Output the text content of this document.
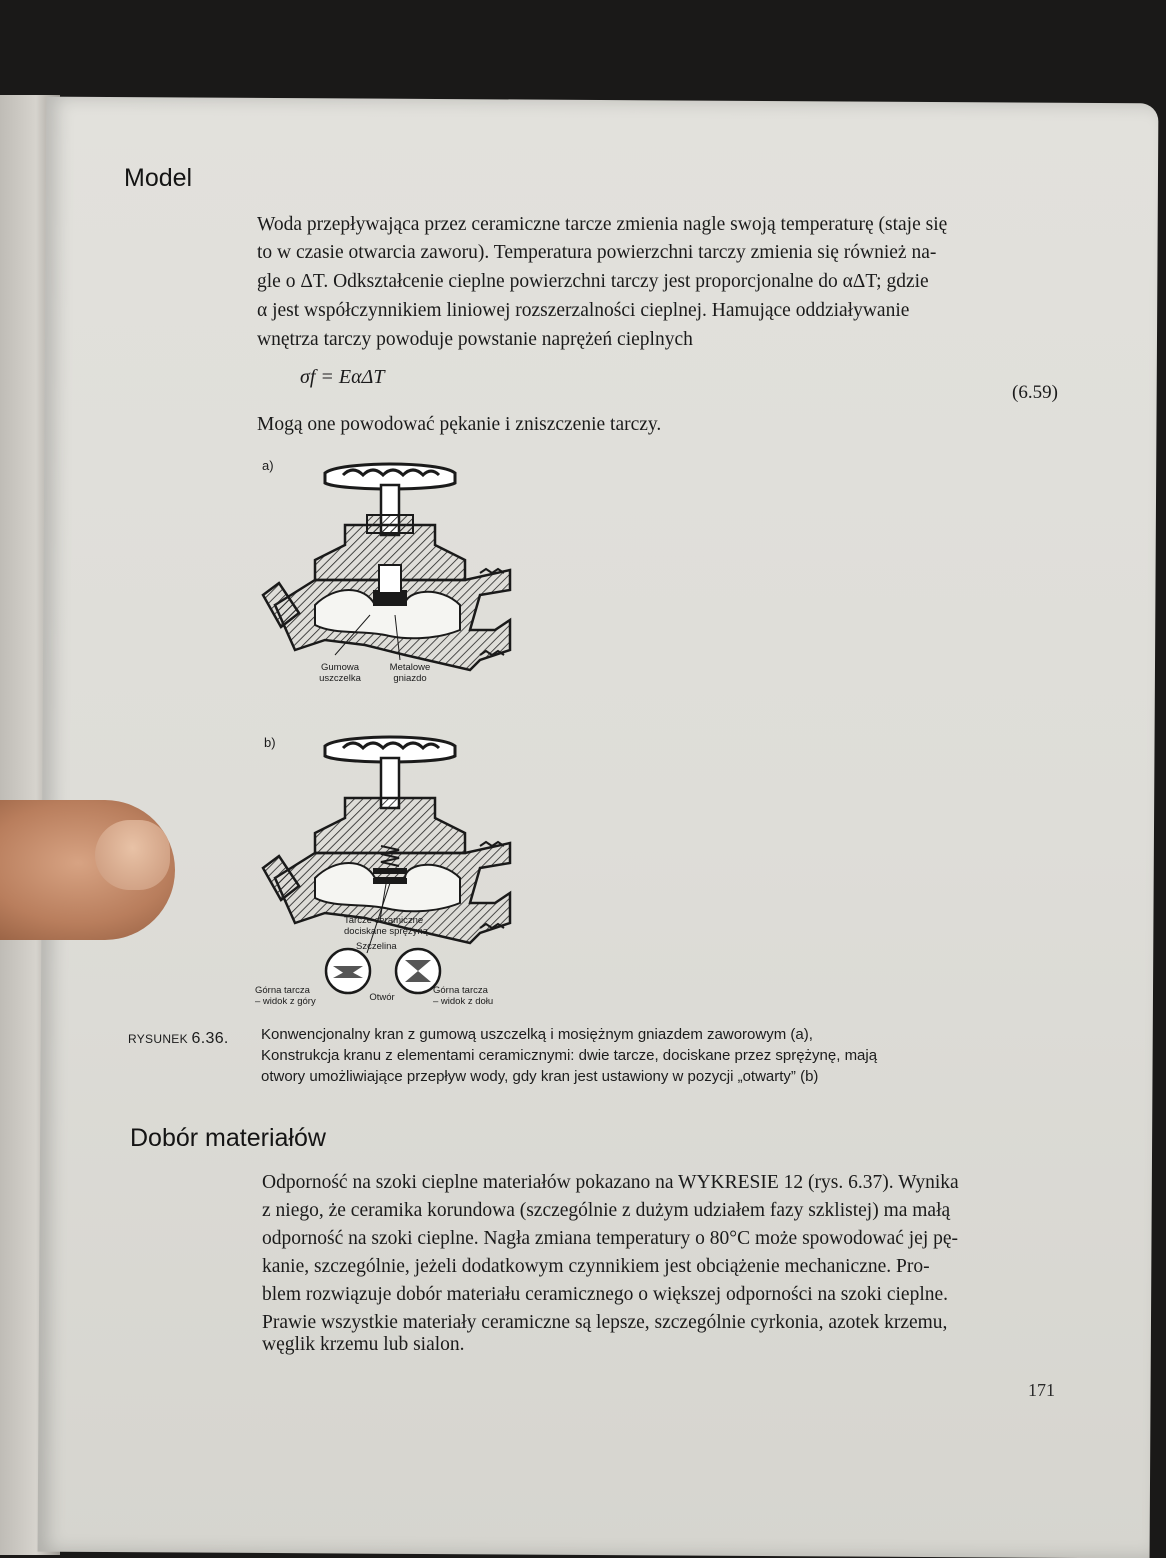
Model

Woda przepływająca przez ceramiczne tarcze zmienia nagle swoją temperaturę (staje się

to w czasie otwarcia zaworu). Temperatura powierzchni tarczy zmienia się również na-

gle o ΔT. Odkształcenie cieplne powierzchni tarczy jest proporcjonalne do αΔT; gdzie

α jest współczynnikiem liniowej rozszerzalności cieplnej. Hamujące oddziaływanie

wnętrza tarczy powoduje powstanie naprężeń cieplnych

σf = EαΔT
(6.59)

Mogą one powodować pękanie i zniszczenie tarczy.

a)
Gumowa
uszczelka
Metalowe
gniazdo
b)
Tarcze ceramiczne
dociskane sprężyną
Szczelina
Górna tarcza
– widok z góry	Otwór
Górna tarcza
– widok z dołu
RYSUNEK 6.36. Konwencjonalny kran z gumową uszczelką i mosiężnym gniazdem zaworowym (a),
Konstrukcja kranu z elementami ceramicznymi: dwie tarcze, dociskane przez sprężynę, mają
otwory umożliwiające przepływ wody, gdy kran jest ustawiony w pozycji „otwarty” (b)
Dobór materiałów

Odporność na szoki cieplne materiałów pokazano na WYKRESIE 12 (rys. 6.37). Wynika

z niego, że ceramika korundowa (szczególnie z dużym udziałem fazy szklistej) ma małą

odporność na szoki cieplne. Nagła zmiana temperatury o 80°C może spowodować jej pę-

kanie, szczególnie, jeżeli dodatkowym czynnikiem jest obciążenie mechaniczne. Pro-

blem rozwiązuje dobór materiału ceramicznego o większej odporności na szoki cieplne.

Prawie wszystkie materiały ceramiczne są lepsze, szczególnie cyrkonia, azotek krzemu,

węglik krzemu lub sialon.

171
